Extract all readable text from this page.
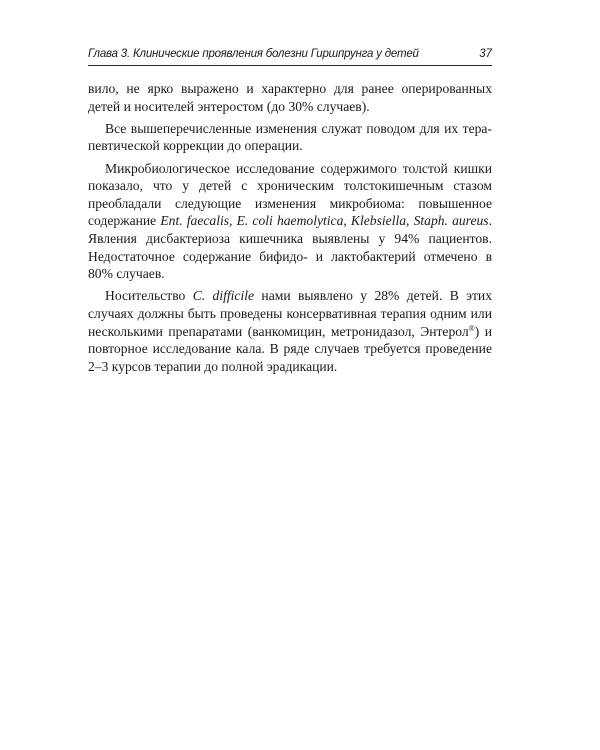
Глава 3. Клинические проявления болезни Гиршпрунга у детей	37

вило, не ярко выражено и характерно для ранее оперированных детей и носителей энтеростом (до 30% случаев).

Все вышеперечисленные изменения служат поводом для их терапевтической коррекции до операции.

Микробиологическое исследование содержимого толстой кишки показало, что у детей с хроническим толстокишечным стазом преобладали следующие изменения микробиома: повышенное содержание Ent. faecalis, E. coli haemolytica, Klebsiella, Staph. aureus. Явления дисбактериоза кишечника выявлены у 94% пациентов. Недостаточное содержание бифидо- и лактобактерий отмечено в 80% случаев.

Носительство C. difficile нами выявлено у 28% детей. В этих случаях должны быть проведены консервативная терапия одним или несколькими препаратами (ванкомицин, метронидазол, Энтерол®) и повторное исследование кала. В ряде случаев требуется проведение 2–3 курсов терапии до полной эрадикации.
